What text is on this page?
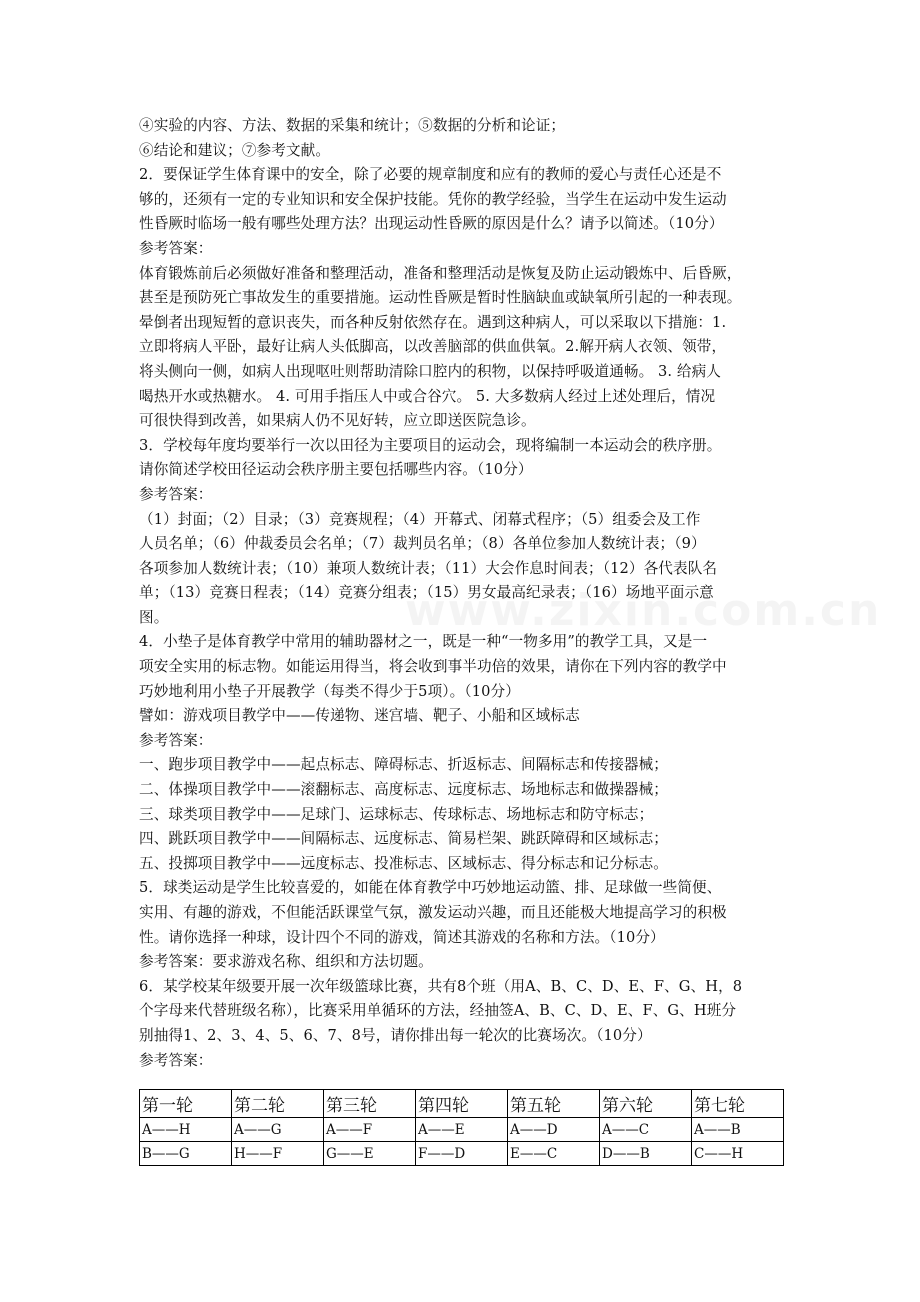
④实验的内容、方法、数据的采集和统计；⑤数据的分析和论证；
⑥结论和建议；⑦参考文献。
2．要保证学生体育课中的安全，除了必要的规章制度和应有的教师的爱心与责任心还是不
够的，还须有一定的专业知识和安全保护技能。凭你的教学经验，当学生在运动中发生运动
性昏厥时临场一般有哪些处理方法？出现运动性昏厥的原因是什么？请予以简述。（10分）
参考答案：
体育锻炼前后必须做好准备和整理活动，准备和整理活动是恢复及防止运动锻炼中、后昏厥，
甚至是预防死亡事故发生的重要措施。运动性昏厥是暂时性脑缺血或缺氧所引起的一种表现。
晕倒者出现短暂的意识丧失，而各种反射依然存在。遇到这种病人，可以采取以下措施：1.
立即将病人平卧，最好让病人头低脚高，以改善脑部的供血供氧。2.解开病人衣领、领带，
将头侧向一侧，如病人出现呕吐则帮助清除口腔内的积物，以保持呼吸道通畅。 3. 给病人
喝热开水或热糖水。 4. 可用手指压人中或合谷穴。 5. 大多数病人经过上述处理后，情况
可很快得到改善，如果病人仍不见好转，应立即送医院急诊。
3．学校每年度均要举行一次以田径为主要项目的运动会，现将编制一本运动会的秩序册。
请你简述学校田径运动会秩序册主要包括哪些内容。（10分）
参考答案：
（1）封面；（2）目录；（3）竞赛规程；（4）开幕式、闭幕式程序；（5）组委会及工作
人员名单；（6）仲裁委员会名单；（7）裁判员名单；（8）各单位参加人数统计表；（9）
各项参加人数统计表；（10）兼项人数统计表；（11）大会作息时间表；（12）各代表队名
单；（13）竞赛日程表；（14）竞赛分组表；（15）男女最高纪录表；（16）场地平面示意
图。
4．小垫子是体育教学中常用的辅助器材之一，既是一种“一物多用”的教学工具，又是一
项安全实用的标志物。如能运用得当，将会收到事半功倍的效果，请你在下列内容的教学中
巧妙地利用小垫子开展教学（每类不得少于5项）。（10分）
譬如：游戏项目教学中——传递物、迷宫墙、靶子、小船和区域标志
参考答案：
一、跑步项目教学中——起点标志、障碍标志、折返标志、间隔标志和传接器械；
二、体操项目教学中——滚翻标志、高度标志、远度标志、场地标志和做操器械；
三、球类项目教学中——足球门、运球标志、传球标志、场地标志和防守标志；
四、跳跃项目教学中——间隔标志、远度标志、简易栏架、跳跃障碍和区域标志；
五、投掷项目教学中——远度标志、投准标志、区域标志、得分标志和记分标志。
5．球类运动是学生比较喜爱的，如能在体育教学中巧妙地运动篮、排、足球做一些简便、
实用、有趣的游戏，不但能活跃课堂气氛，激发运动兴趣，而且还能极大地提高学习的积极
性。请你选择一种球，设计四个不同的游戏，简述其游戏的名称和方法。（10分）
参考答案：要求游戏名称、组织和方法切题。
6．某学校某年级要开展一次年级篮球比赛，共有8个班（用A、B、C、D、E、F、G、H，8
个字母来代替班级名称），比赛采用单循环的方法，经抽签A、B、C、D、E、F、G、H班分
别抽得1、2、3、4、5、6、7、8号，请你排出每一轮次的比赛场次。（10分）
参考答案：
第一轮	第二轮	第三轮	第四轮	第五轮	第六轮	第七轮
A——H	A——G	A——F	A——E	A——D	A——C	A——B
B——G	H——F	G——E	F——D	E——C	D——B	C——H
